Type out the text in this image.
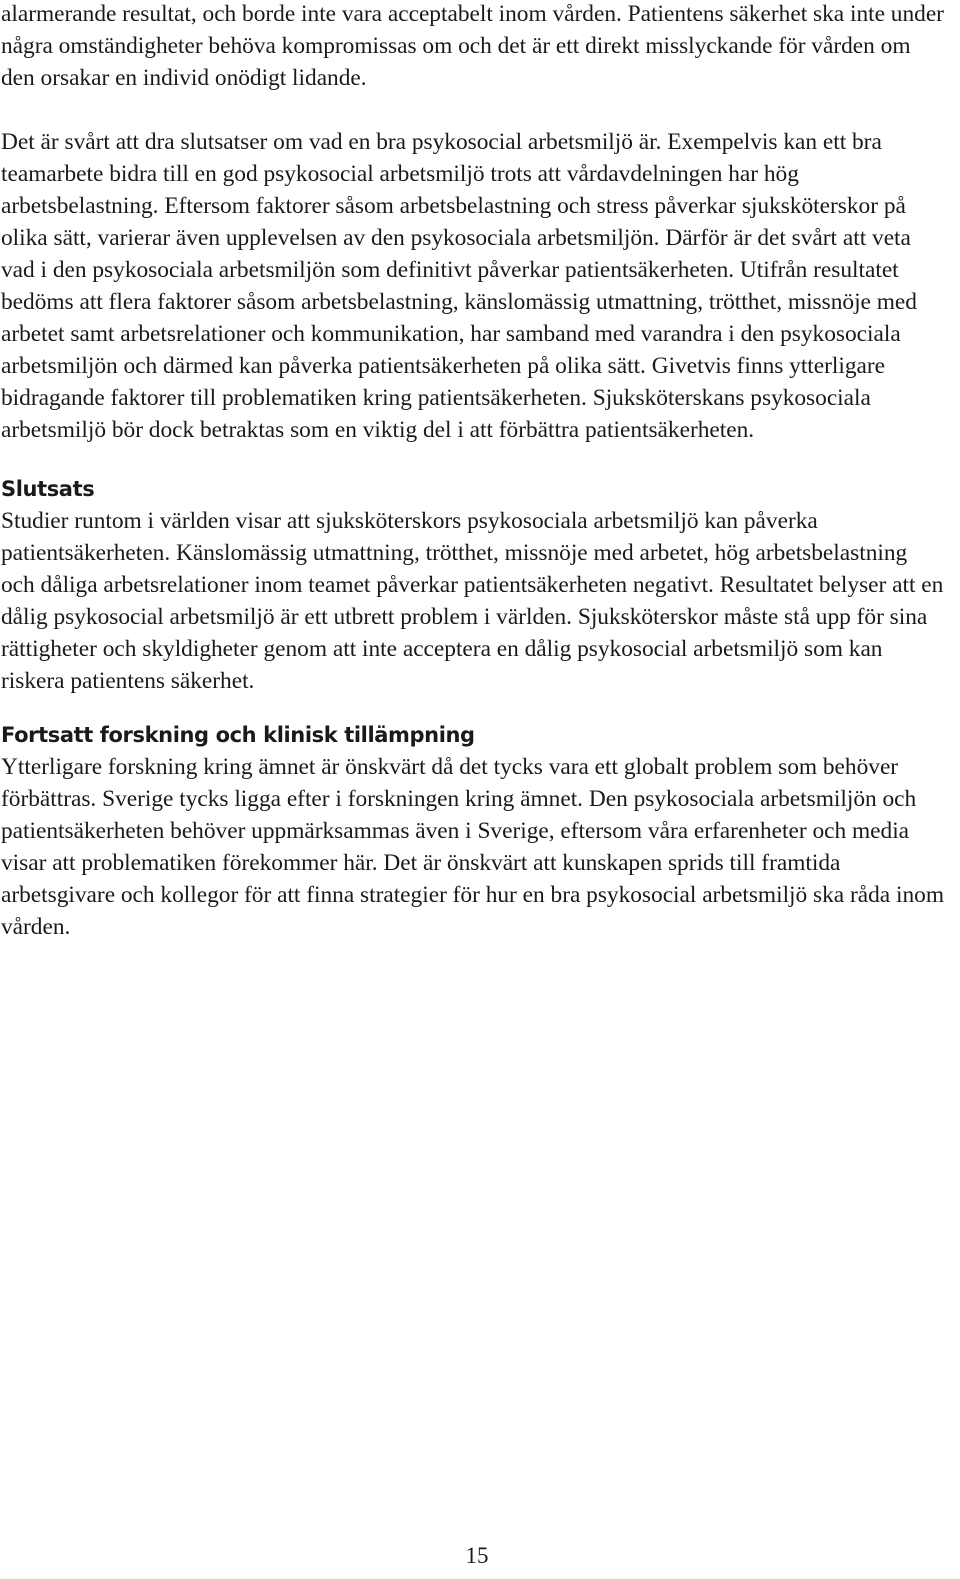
alarmerande resultat, och borde inte vara acceptabelt inom vården. Patientens säkerhet ska inte under några omständigheter behöva kompromissas om och det är ett direkt misslyckande för vården om den orsakar en individ onödigt lidande.

Det är svårt att dra slutsatser om vad en bra psykosocial arbetsmiljö är. Exempelvis kan ett bra teamarbete bidra till en god psykosocial arbetsmiljö trots att vårdavdelningen har hög arbetsbelastning. Eftersom faktorer såsom arbetsbelastning och stress påverkar sjuksköterskor på olika sätt, varierar även upplevelsen av den psykosociala arbetsmiljön. Därför är det svårt att veta vad i den psykosociala arbetsmiljön som definitivt påverkar patientsäkerheten. Utifrån resultatet bedöms att flera faktorer såsom arbetsbelastning, känslomässig utmattning, trötthet, missnöje med arbetet samt arbetsrelationer och kommunikation, har samband med varandra i den psykosociala arbetsmiljön och därmed kan påverka patientsäkerheten på olika sätt. Givetvis finns ytterligare bidragande faktorer till problematiken kring patientsäkerheten. Sjuksköterskans psykosociala arbetsmiljö bör dock betraktas som en viktig del i att förbättra patientsäkerheten.

Slutsats

Studier runtom i världen visar att sjuksköterskors psykosociala arbetsmiljö kan påverka patientsäkerheten. Känslomässig utmattning, trötthet, missnöje med arbetet, hög arbetsbelastning och dåliga arbetsrelationer inom teamet påverkar patientsäkerheten negativt. Resultatet belyser att en dålig psykosocial arbetsmiljö är ett utbrett problem i världen. Sjuksköterskor måste stå upp för sina rättigheter och skyldigheter genom att inte acceptera en dålig psykosocial arbetsmiljö som kan riskera patientens säkerhet.

Fortsatt forskning och klinisk tillämpning

Ytterligare forskning kring ämnet är önskvärt då det tycks vara ett globalt problem som behöver förbättras. Sverige tycks ligga efter i forskningen kring ämnet. Den psykosociala arbetsmiljön och patientsäkerheten behöver uppmärksammas även i Sverige, eftersom våra erfarenheter och media visar att problematiken förekommer här. Det är önskvärt att kunskapen sprids till framtida arbetsgivare och kollegor för att finna strategier för hur en bra psykosocial arbetsmiljö ska råda inom vården.

15
